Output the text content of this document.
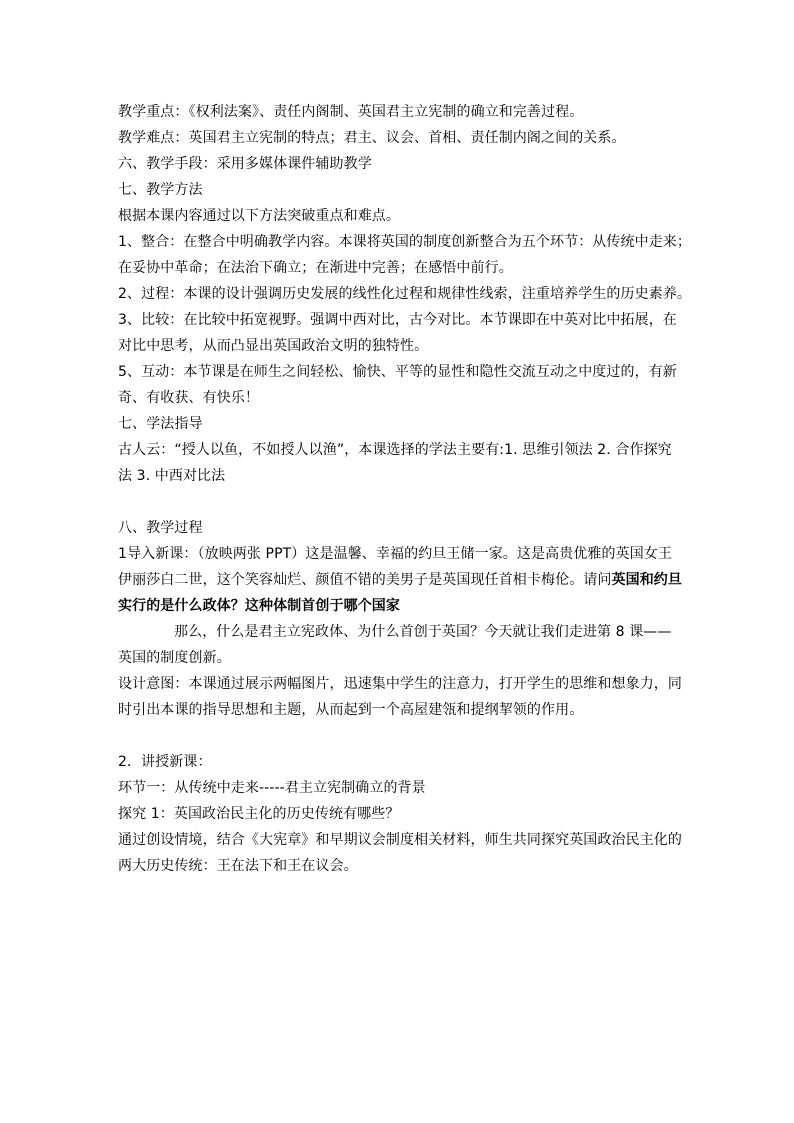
教学重点：《权利法案》、责任内阁制、英国君主立宪制的确立和完善过程。
教学难点：英国君主立宪制的特点；君主、议会、首相、责任制内阁之间的关系。
六、教学手段：采用多媒体课件辅助教学
七、教学方法
根据本课内容通过以下方法突破重点和难点。
1、整合：在整合中明确教学内容。本课将英国的制度创新整合为五个环节：从传统中走来；
在妥协中革命；在法治下确立；在渐进中完善；在感悟中前行。
2、过程：本课的设计强调历史发展的线性化过程和规律性线索，注重培养学生的历史素养。
3、比较：在比较中拓宽视野。强调中西对比，古今对比。本节课即在中英对比中拓展，在
对比中思考，从而凸显出英国政治文明的独特性。
5、互动：本节课是在师生之间轻松、愉快、平等的显性和隐性交流互动之中度过的，有新
奇、有收获、有快乐！
七、学法指导
古人云：“授人以鱼，不如授人以渔”，本课选择的学法主要有:1. 思维引领法 2. 合作探究
法 3. 中西对比法
八、教学过程
1导入新课：（放映两张 PPT）这是温馨、幸福的约旦王储一家。这是高贵优雅的英国女王
伊丽莎白二世，这个笑容灿烂、颜值不错的美男子是英国现任首相卡梅伦。请问英国和约旦
实行的是什么政体？这种体制首创于哪个国家
那么，什么是君主立宪政体、为什么首创于英国？今天就让我们走进第 8 课——
英国的制度创新。
设计意图：本课通过展示两幅图片，迅速集中学生的注意力，打开学生的思维和想象力，同
时引出本课的指导思想和主题，从而起到一个高屋建瓴和提纲挈领的作用。
2．讲授新课：
环节一：从传统中走来-----君主立宪制确立的背景
探究 1：英国政治民主化的历史传统有哪些？
通过创设情境，结合《大宪章》和早期议会制度相关材料，师生共同探究英国政治民主化的
两大历史传统：王在法下和王在议会。
